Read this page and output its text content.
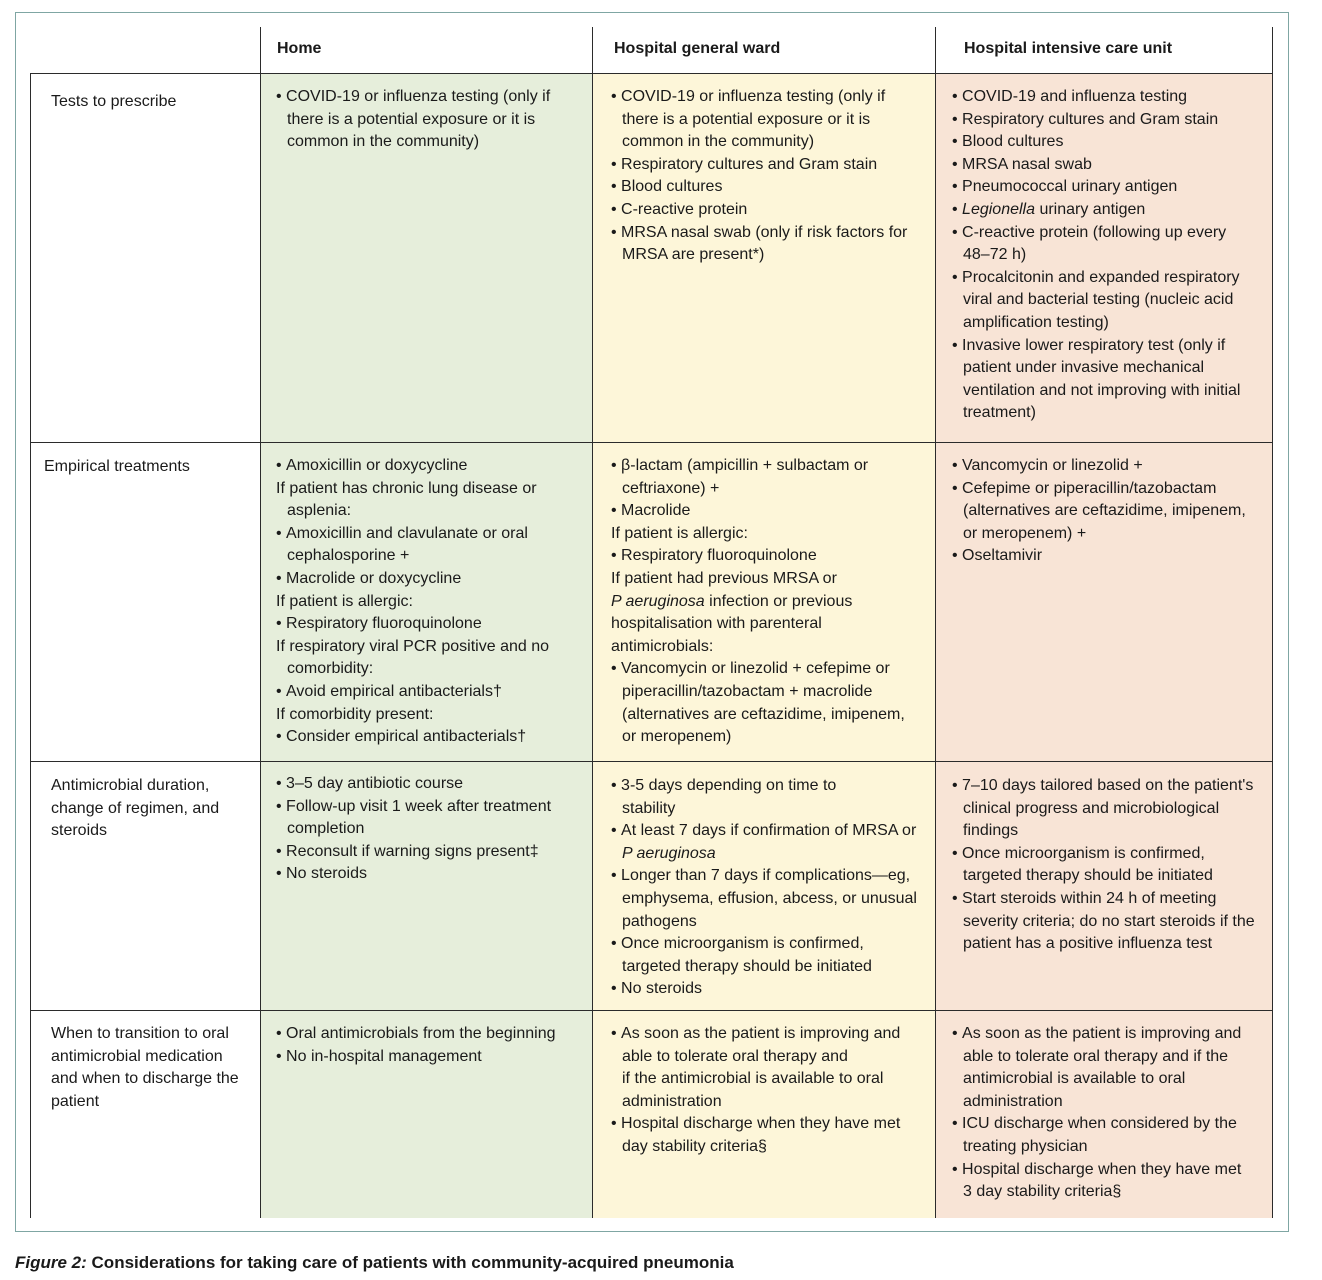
Home	Hospital general ward	Hospital intensive care unit
Tests to prescribe
Empirical treatments
Antimicrobial duration,
change of regimen, and
steroids
When to transition to oral
antimicrobial medication
and when to discharge the
patient
• COVID-19 or influenza testing (only if
there is a potential exposure or it is
common in the community)
• COVID-19 or influenza testing (only if
there is a potential exposure or it is
common in the community)
• Respiratory cultures and Gram stain
• Blood cultures
• C-reactive protein
• MRSA nasal swab (only if risk factors for
MRSA are present*)
• COVID-19 and influenza testing
• Respiratory cultures and Gram stain
• Blood cultures
• MRSA nasal swab
• Pneumococcal urinary antigen
• Legionella urinary antigen
• C-reactive protein (following up every
48–72 h)
• Procalcitonin and expanded respiratory
viral and bacterial testing (nucleic acid
amplification testing)
• Invasive lower respiratory test (only if
patient under invasive mechanical
ventilation and not improving with initial
treatment)
• Amoxicillin or doxycycline
If patient has chronic lung disease or
asplenia:
• Amoxicillin and clavulanate or oral
cephalosporine +
• Macrolide or doxycycline
If patient is allergic:
• Respiratory fluoroquinolone
If respiratory viral PCR positive and no
comorbidity:
• Avoid empirical antibacterials†
If comorbidity present:
• Consider empirical antibacterials†
• β-lactam (ampicillin + sulbactam or
ceftriaxone) +
• Macrolide
If patient is allergic:
• Respiratory fluoroquinolone
If patient had previous MRSA or
P aeruginosa infection or previous
hospitalisation with parenteral
antimicrobials:
• Vancomycin or linezolid + cefepime or
piperacillin/tazobactam + macrolide
(alternatives are ceftazidime, imipenem,
or meropenem)
• Vancomycin or linezolid +
• Cefepime or piperacillin/tazobactam
(alternatives are ceftazidime, imipenem,
or meropenem) +
• Oseltamivir
• 3–5 day antibiotic course
• Follow-up visit 1 week after treatment
completion
• Reconsult if warning signs present‡
• No steroids
• 3-5 days depending on time to
stability
• At least 7 days if confirmation of MRSA or
P aeruginosa
• Longer than 7 days if complications—eg,
emphysema, effusion, abcess, or unusual
pathogens
• Once microorganism is confirmed,
targeted therapy should be initiated
• No steroids
• 7–10 days tailored based on the patient's
clinical progress and microbiological
findings
• Once microorganism is confirmed,
targeted therapy should be initiated
• Start steroids within 24 h of meeting
severity criteria; do no start steroids if the
patient has a positive influenza test
• Oral antimicrobials from the beginning
• No in-hospital management
• As soon as the patient is improving and
able to tolerate oral therapy and
if the antimicrobial is available to oral
administration
• Hospital discharge when they have met
day stability criteria§
• As soon as the patient is improving and
able to tolerate oral therapy and if the
antimicrobial is available to oral
administration
• ICU discharge when considered by the
treating physician
• Hospital discharge when they have met
3 day stability criteria§
Figure 2: Considerations for taking care of patients with community-acquired pneumonia
